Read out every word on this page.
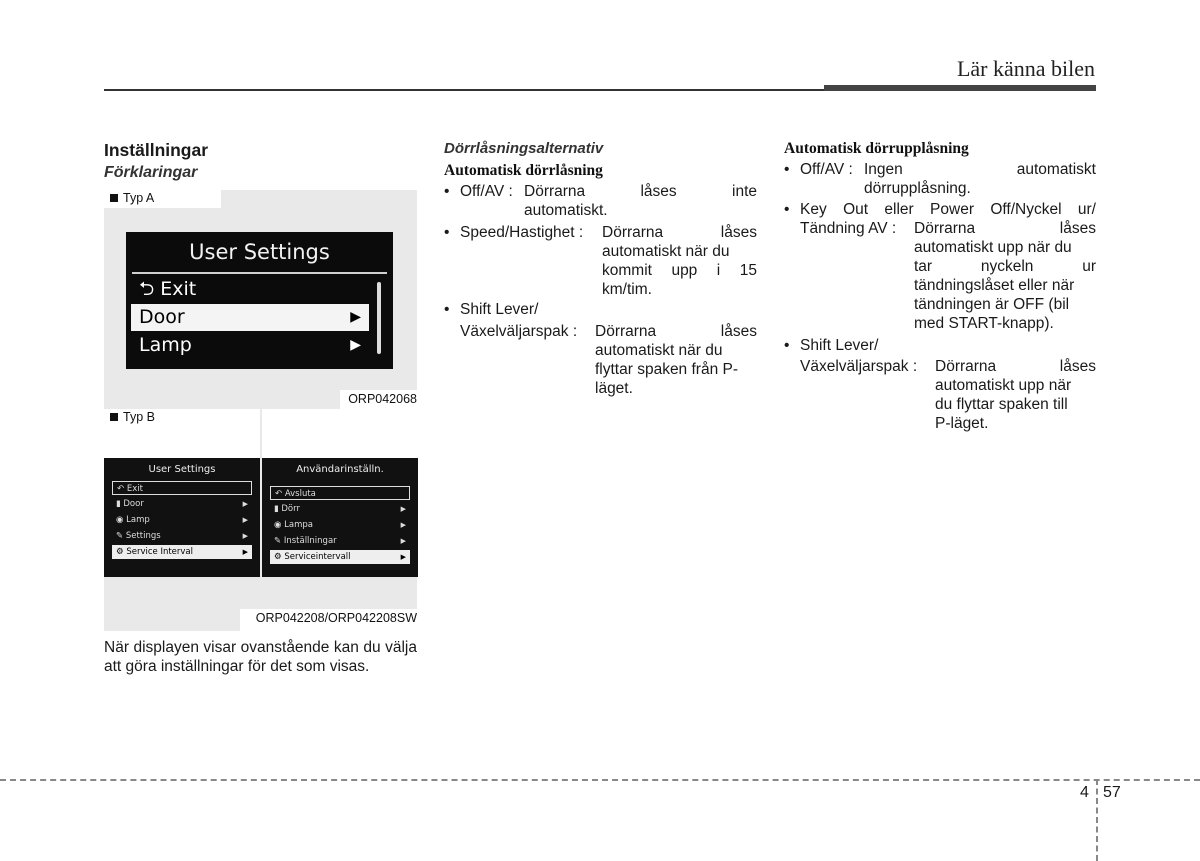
Lär känna bilen
Inställningar
Förklaringar
Typ A
ORP042068
User Settings
⮌ Exit
Door	▶
Lamp	▶
Typ B
ORP042208/ORP042208SW
User Settings
↶ Exit
▮ Door	▶
◉ Lamp	▶
✎ Settings	▶
⚙ Service Interval	▶
Användarinställn.
↶ Avsluta
▮ Dörr	▶
◉ Lampa	▶
✎ Inställningar	▶
⚙ Serviceintervall	▶
När displayen visar ovanstående kan du välja att göra inställningar för det som visas.
Dörrlåsningsalternativ
Automatisk dörrlåsning
• Off/AV : Dörrarna låses inte
automatiskt.
• Speed/Hastighet : Dörrarna låses
automatiskt när du
kommit upp i 15
km/tim.
• Shift Lever/
Växelväljarspak : Dörrarna låses
automatiskt när du
flyttar spaken från P-
läget.
Automatisk dörrupplåsning
• Off/AV : Ingen automatiskt
dörrupplåsning.
• Key Out eller Power Off/Nyckel ur/
Tändning AV : Dörrarna låses
automatiskt upp när du
tar nyckeln ur
tändningslåset eller när
tändningen är OFF (bil
med START-knapp).
• Shift Lever/
Växelväljarspak : Dörrarna låses
automatiskt upp när
du flyttar spaken till
P-läget.
4 57
